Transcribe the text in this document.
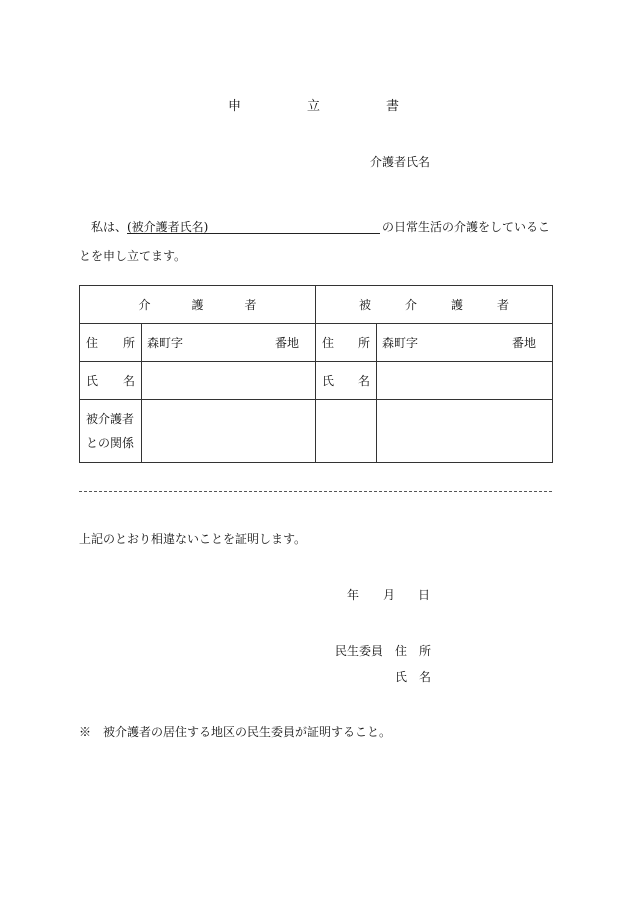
申	立	書
介護者氏名
私は、 (被介護者氏名)	の日常生活の介護をしているこ
とを申し立てます。
介 護 者		被 介 護 者	

住 所	森町字 番地	住 所	森町字 番地

氏 名		氏 名	

被介護者
との関係			

上記のとおり相違ないことを証明します。
年 月 日
民生委員 住 所
氏 名
※　被介護者の居住する地区の民生委員が証明すること。
